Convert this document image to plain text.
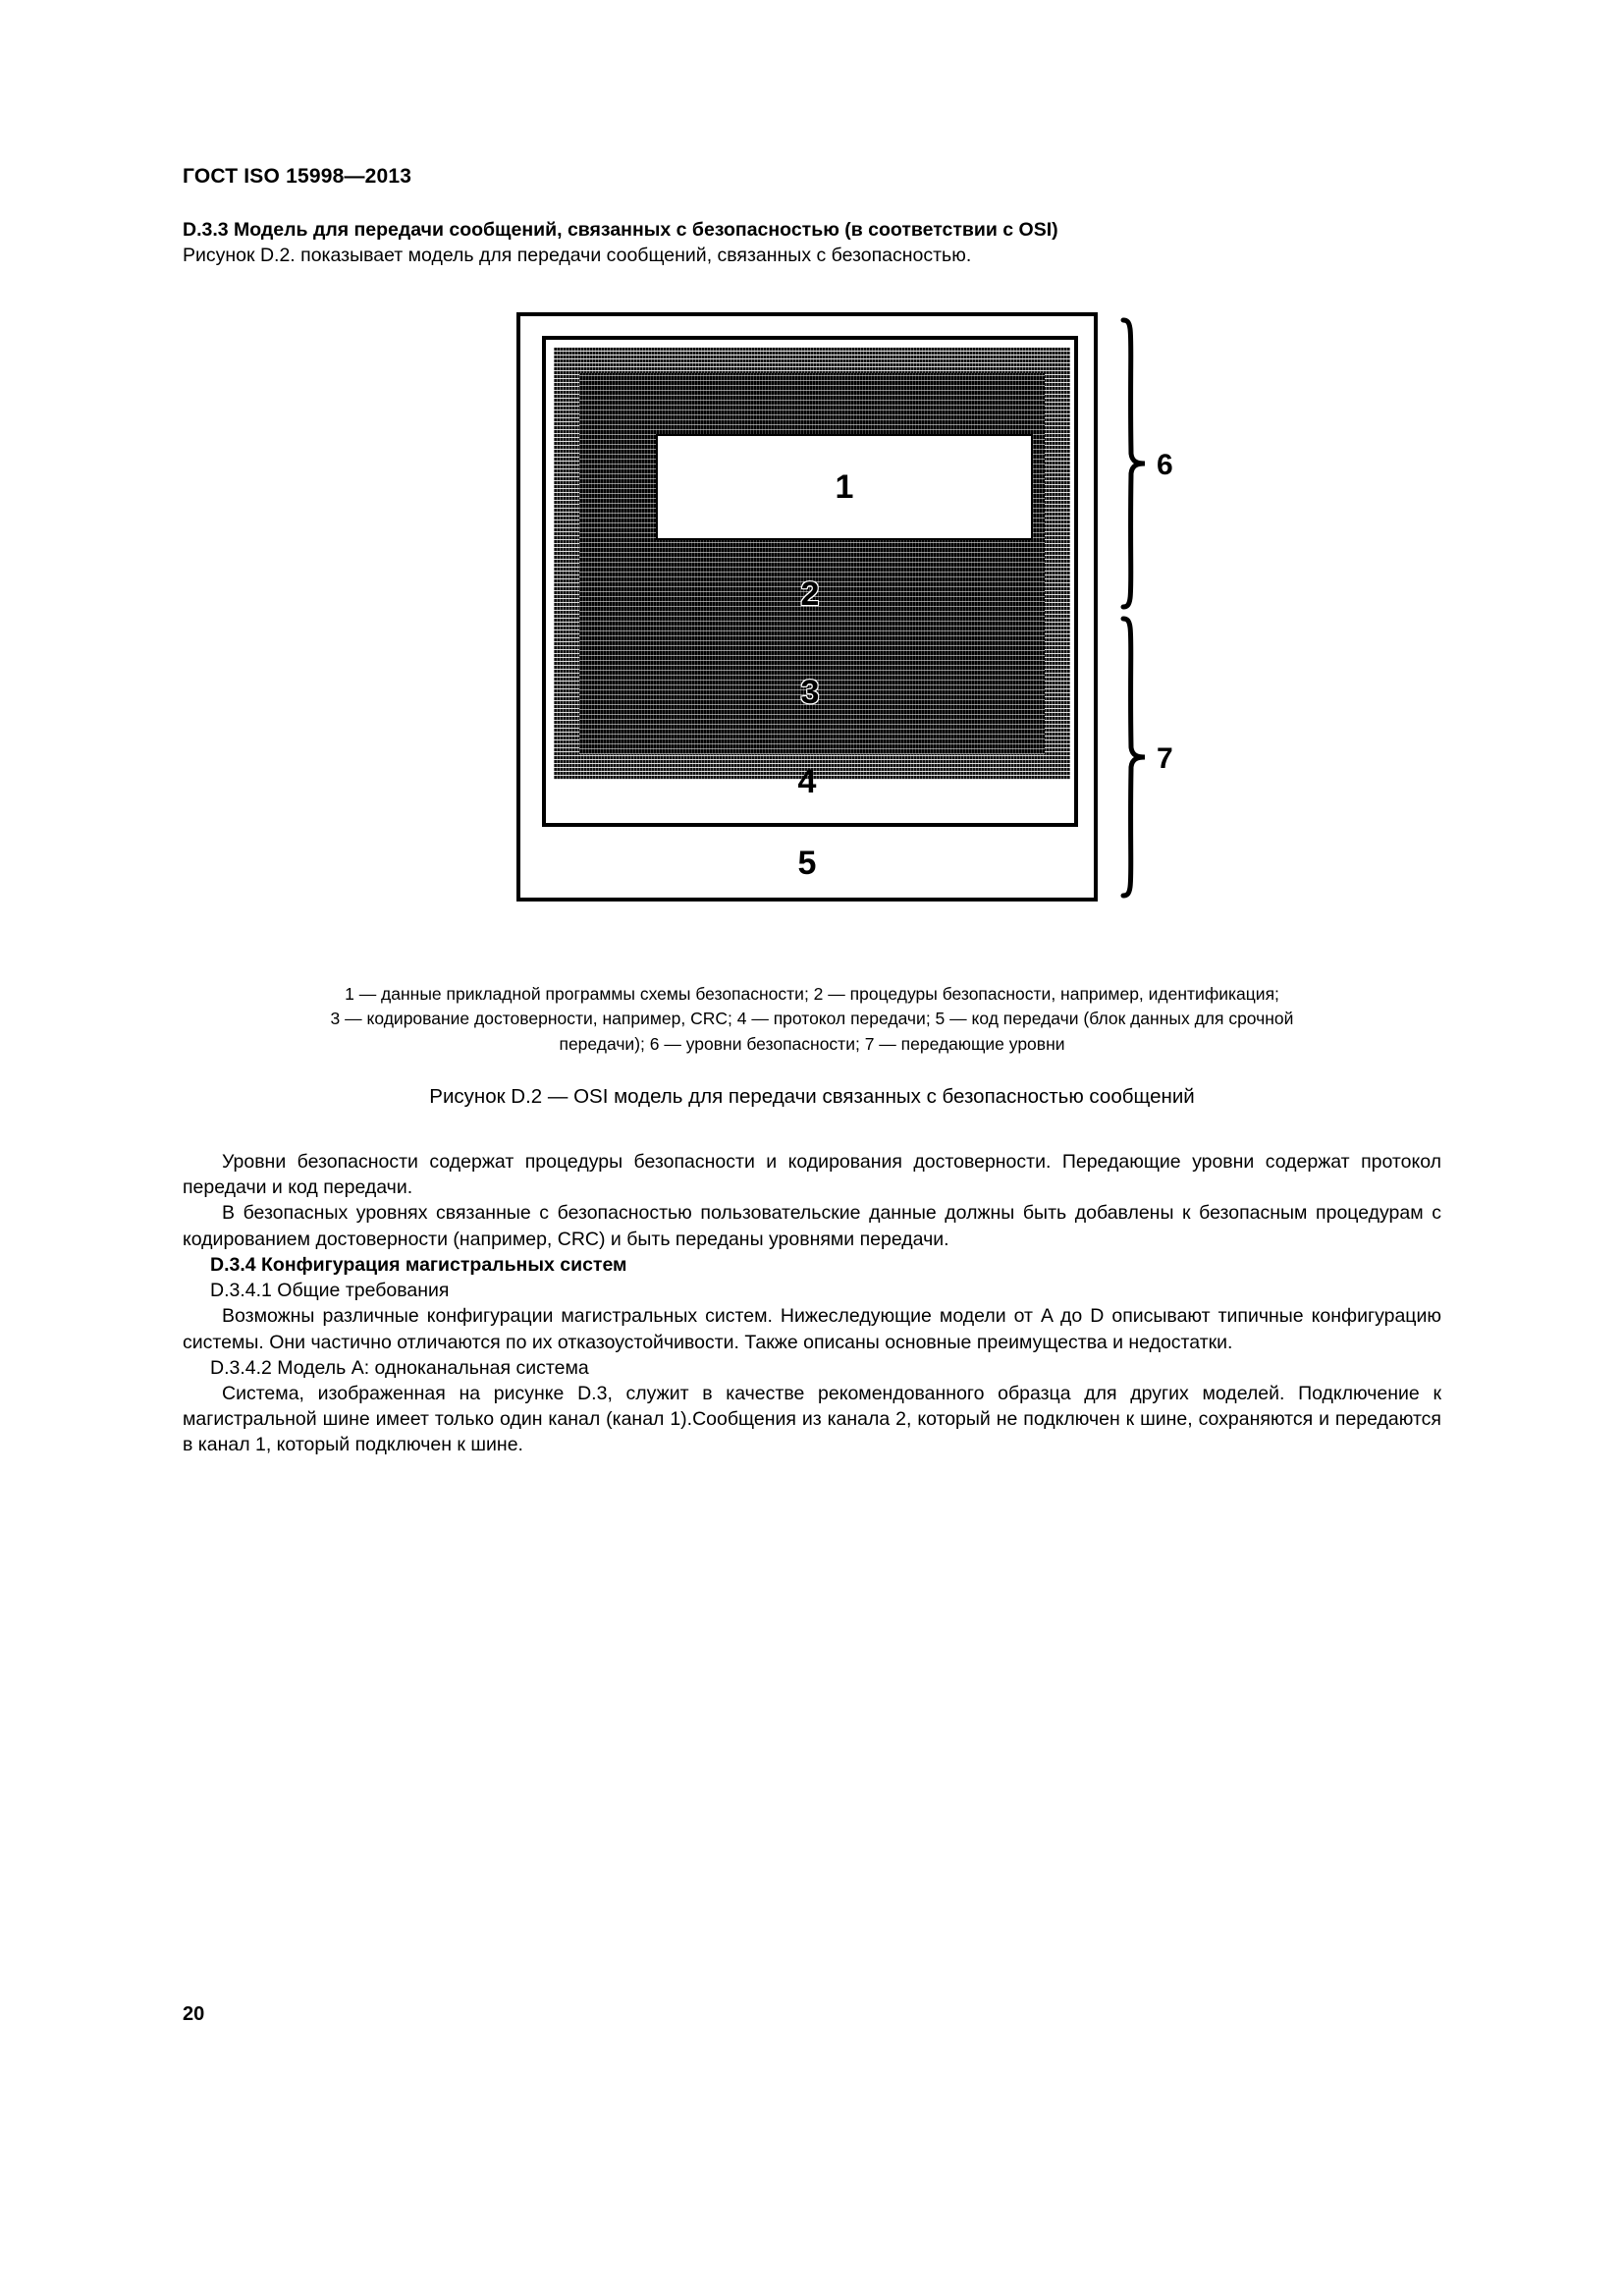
ГОСТ ISO 15998—2013

D.3.3 Модель для передачи сообщений, связанных с безопасностью (в соответствии с OSI)

Рисунок D.2. показывает модель для передачи сообщений, связанных с безопасностью.

1
2
3
4
5
6
7
1 — данные прикладной программы схемы безопасности; 2 — процедуры безопасности, например, идентификация;
3 — кодирование достоверности, например, CRC; 4 — протокол передачи; 5 — код передачи (блок данных для срочной
передачи); 6 — уровни безопасности; 7 — передающие уровни
Рисунок D.2 — OSI модель для передачи связанных с безопасностью сообщений

Уровни безопасности содержат процедуры безопасности и кодирования достоверности. Передающие уровни содержат протокол передачи и код передачи.

В безопасных уровнях связанные с безопасностью пользовательские данные должны быть добавлены к безопасным процедурам с кодированием достоверности (например, CRC) и быть переданы уровнями передачи.

D.3.4 Конфигурация магистральных систем

D.3.4.1 Общие требования

Возможны различные конфигурации магистральных систем. Нижеследующие модели от A до D описывают типичные конфигурацию системы. Они частично отличаются по их отказоустойчивости. Также описаны основные преимущества и недостатки.

D.3.4.2 Модель A: одноканальная система

Система, изображенная на рисунке D.3, служит в качестве рекомендованного образца для других моделей. Подключение к магистральной шине имеет только один канал (канал 1).Сообщения из канала 2, который не подключен к шине, сохраняются и передаются в канал 1, который подключен к шине.

20
